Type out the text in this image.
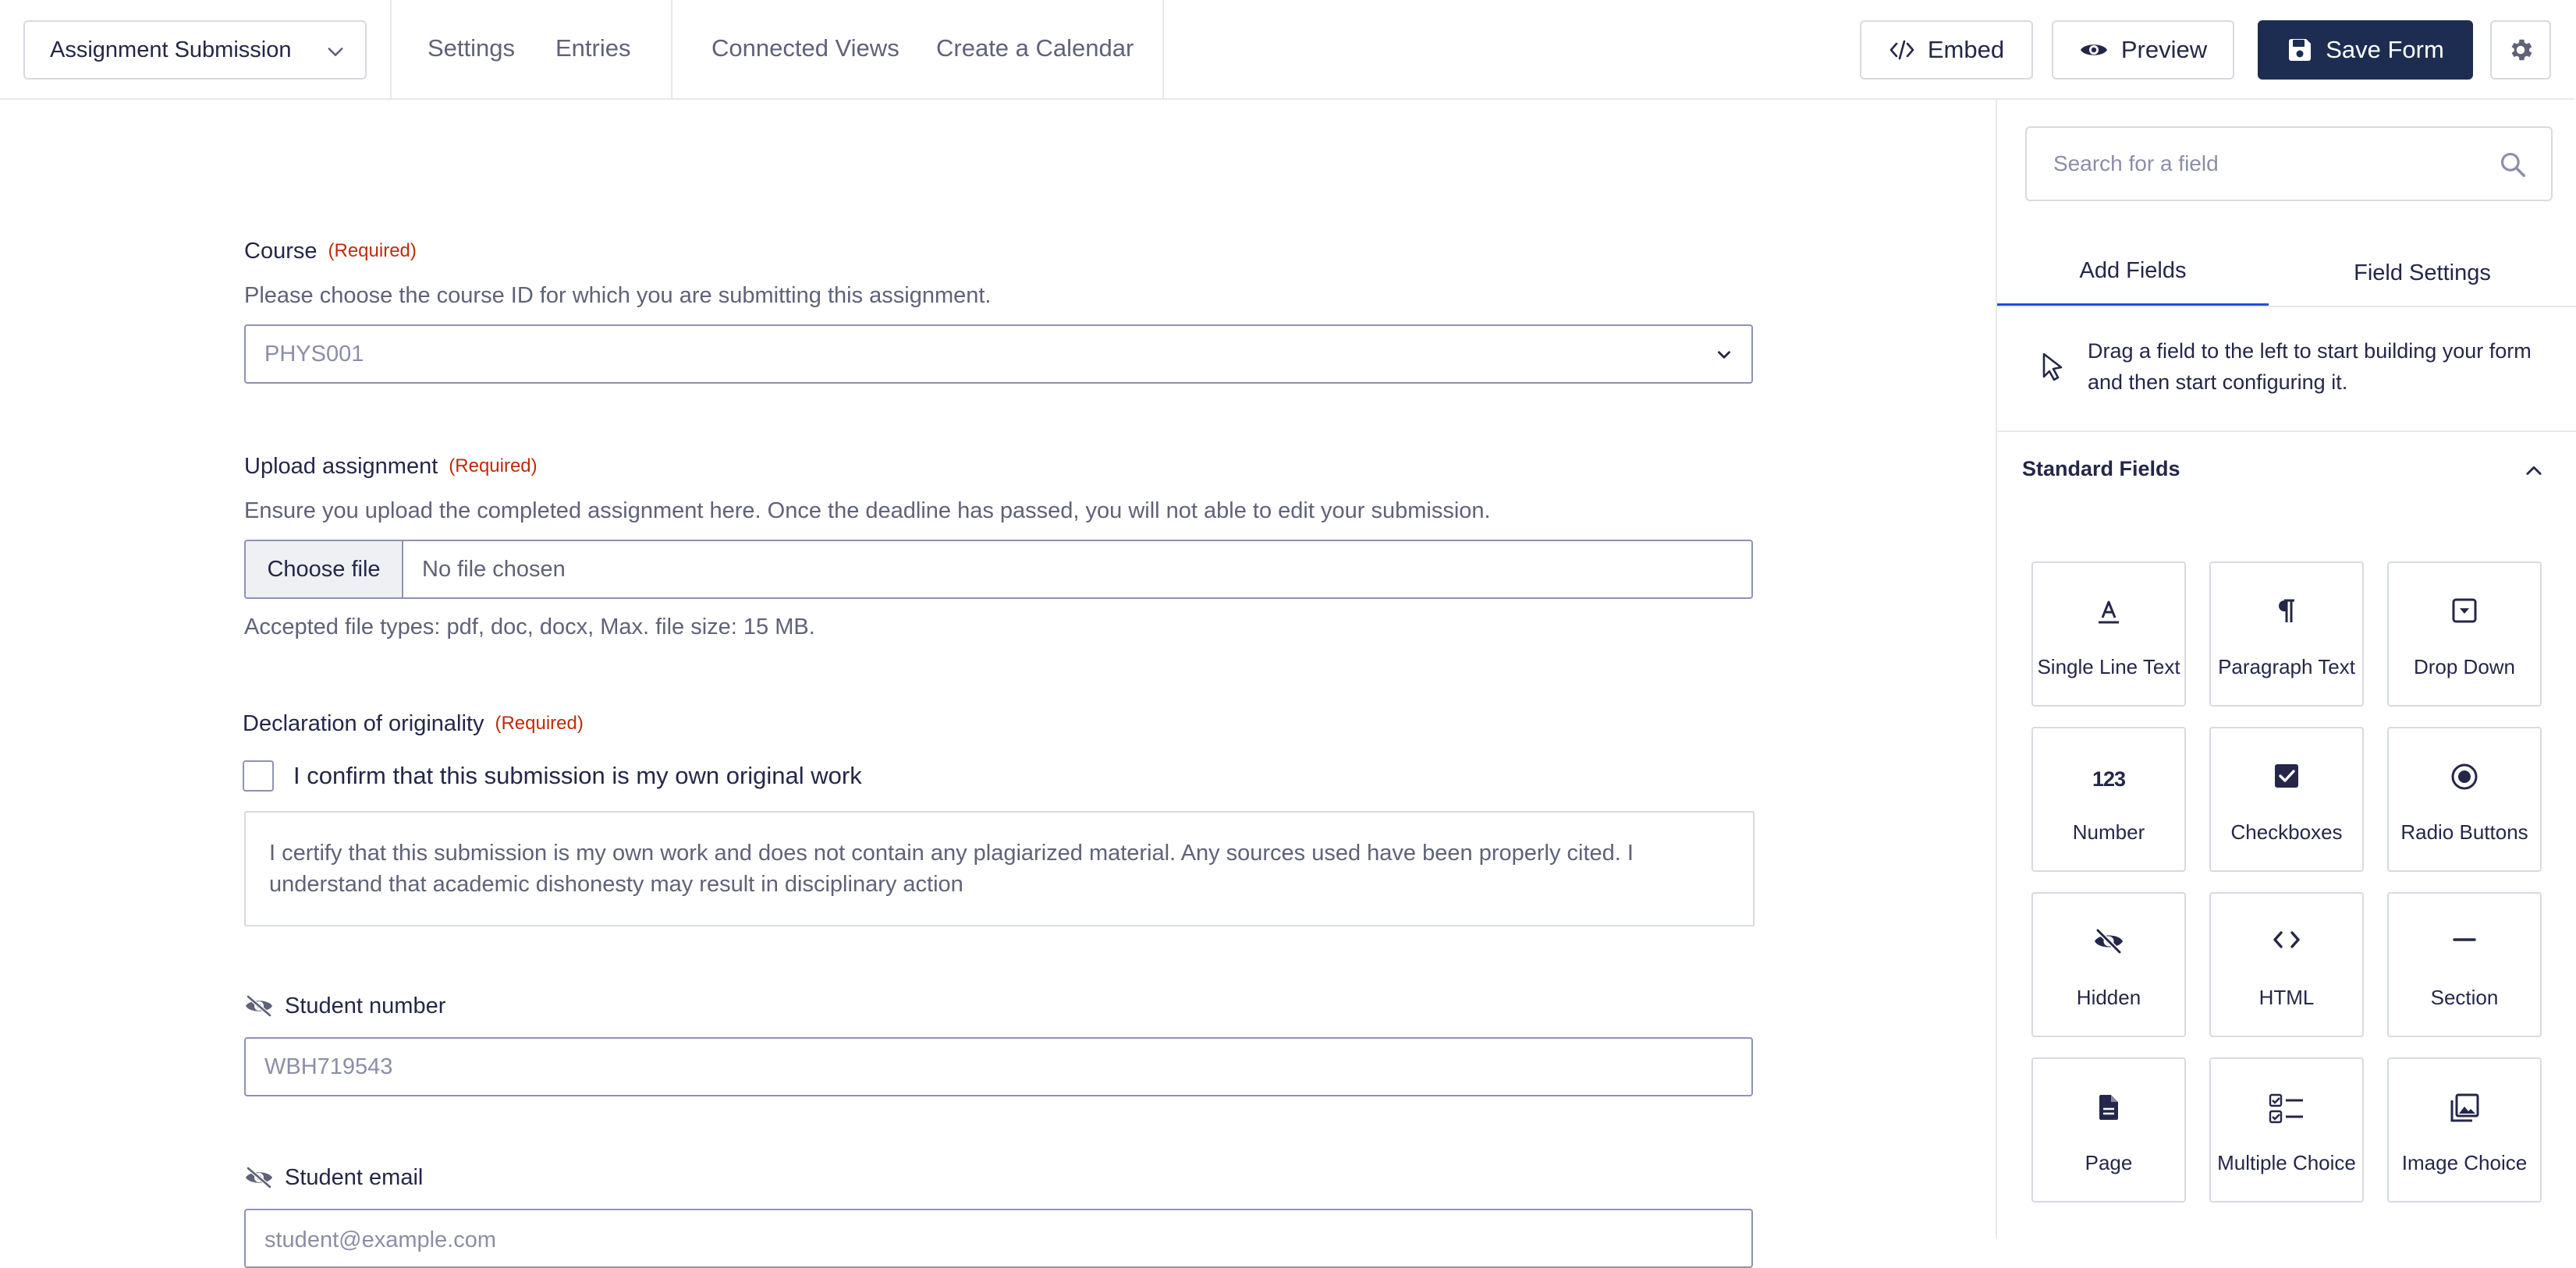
Assignment Submission	Settings Entries	Connected Views Create a Calendar	Embed	Preview	Save Form
Course (Required)
Please choose the course ID for which you are submitting this assignment.
PHYS001
Upload assignment (Required)
Ensure you upload the completed assignment here. Once the deadline has passed, you will not able to edit your submission.
Choose file	No file chosen
Accepted file types: pdf, doc, docx, Max. file size: 15 MB.
Declaration of originality (Required)
I confirm that this submission is my own original work
I certify that this submission is my own work and does not contain any plagiarized material. Any sources used have been properly cited. I understand that academic dishonesty may result in disciplinary action
Student number
WBH719543
Student email
student@example.com
Search for a field
Add Fields	Field Settings
Drag a field to the left to start building your form and then start configuring it.
Standard Fields
Single Line Text	Paragraph Text	Drop Down
123
Number	Checkboxes	Radio Buttons
Hidden	HTML	Section
Page	Multiple Choice	Image Choice
